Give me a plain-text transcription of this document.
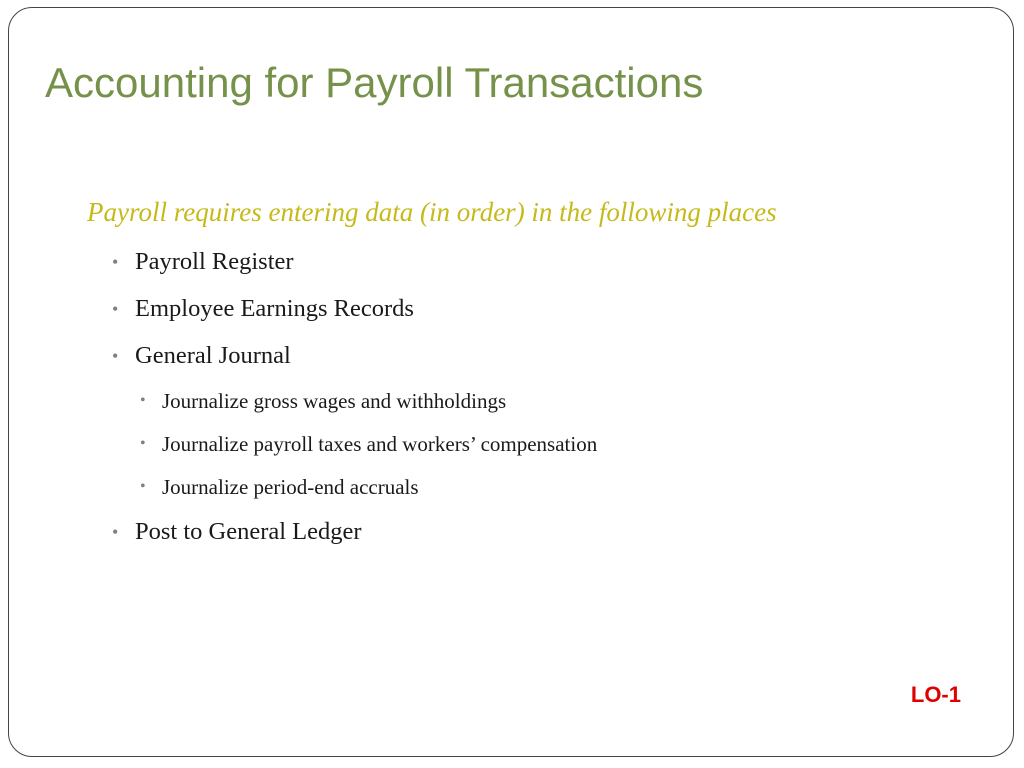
Accounting for Payroll Transactions
Payroll requires entering data (in order) in the following places
• Payroll Register
• Employee Earnings Records
• General Journal
• Journalize gross wages and withholdings
• Journalize payroll taxes and workers’ compensation
• Journalize period-end accruals
• Post to General Ledger
LO-1
